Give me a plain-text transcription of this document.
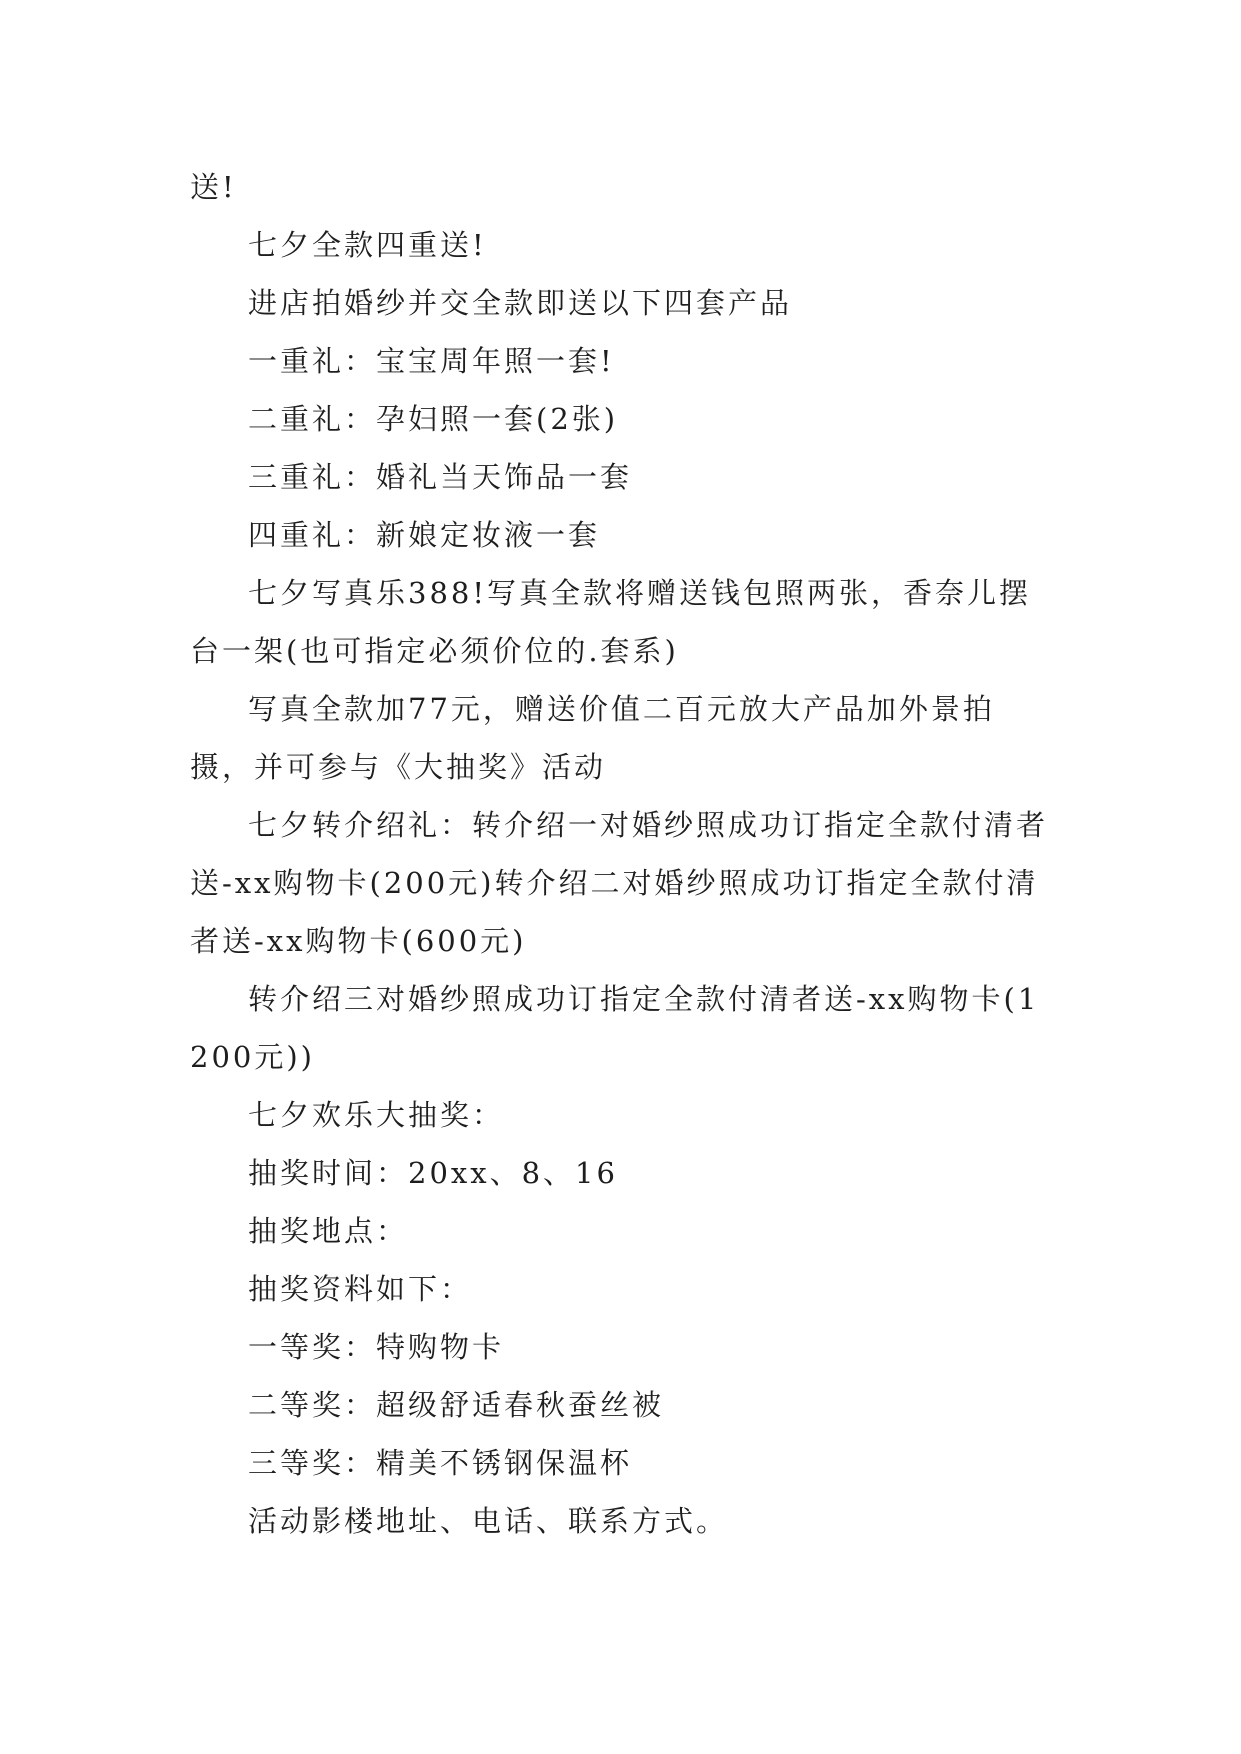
送!

七夕全款四重送!

进店拍婚纱并交全款即送以下四套产品

一重礼：宝宝周年照一套!

二重礼：孕妇照一套(2张)

三重礼：婚礼当天饰品一套

四重礼：新娘定妆液一套

七夕写真乐388!写真全款将赠送钱包照两张，香奈儿摆台一架(也可指定必须价位的.套系)

写真全款加77元，赠送价值二百元放大产品加外景拍摄，并可参与《大抽奖》活动

七夕转介绍礼：转介绍一对婚纱照成功订指定全款付清者送-xx购物卡(200元)转介绍二对婚纱照成功订指定全款付清者送-xx购物卡(600元)

转介绍三对婚纱照成功订指定全款付清者送-xx购物卡(1200元))

七夕欢乐大抽奖：

抽奖时间：20xx、8、16

抽奖地点：

抽奖资料如下：

一等奖：特购物卡

二等奖：超级舒适春秋蚕丝被

三等奖：精美不锈钢保温杯

活动影楼地址、电话、联系方式。
